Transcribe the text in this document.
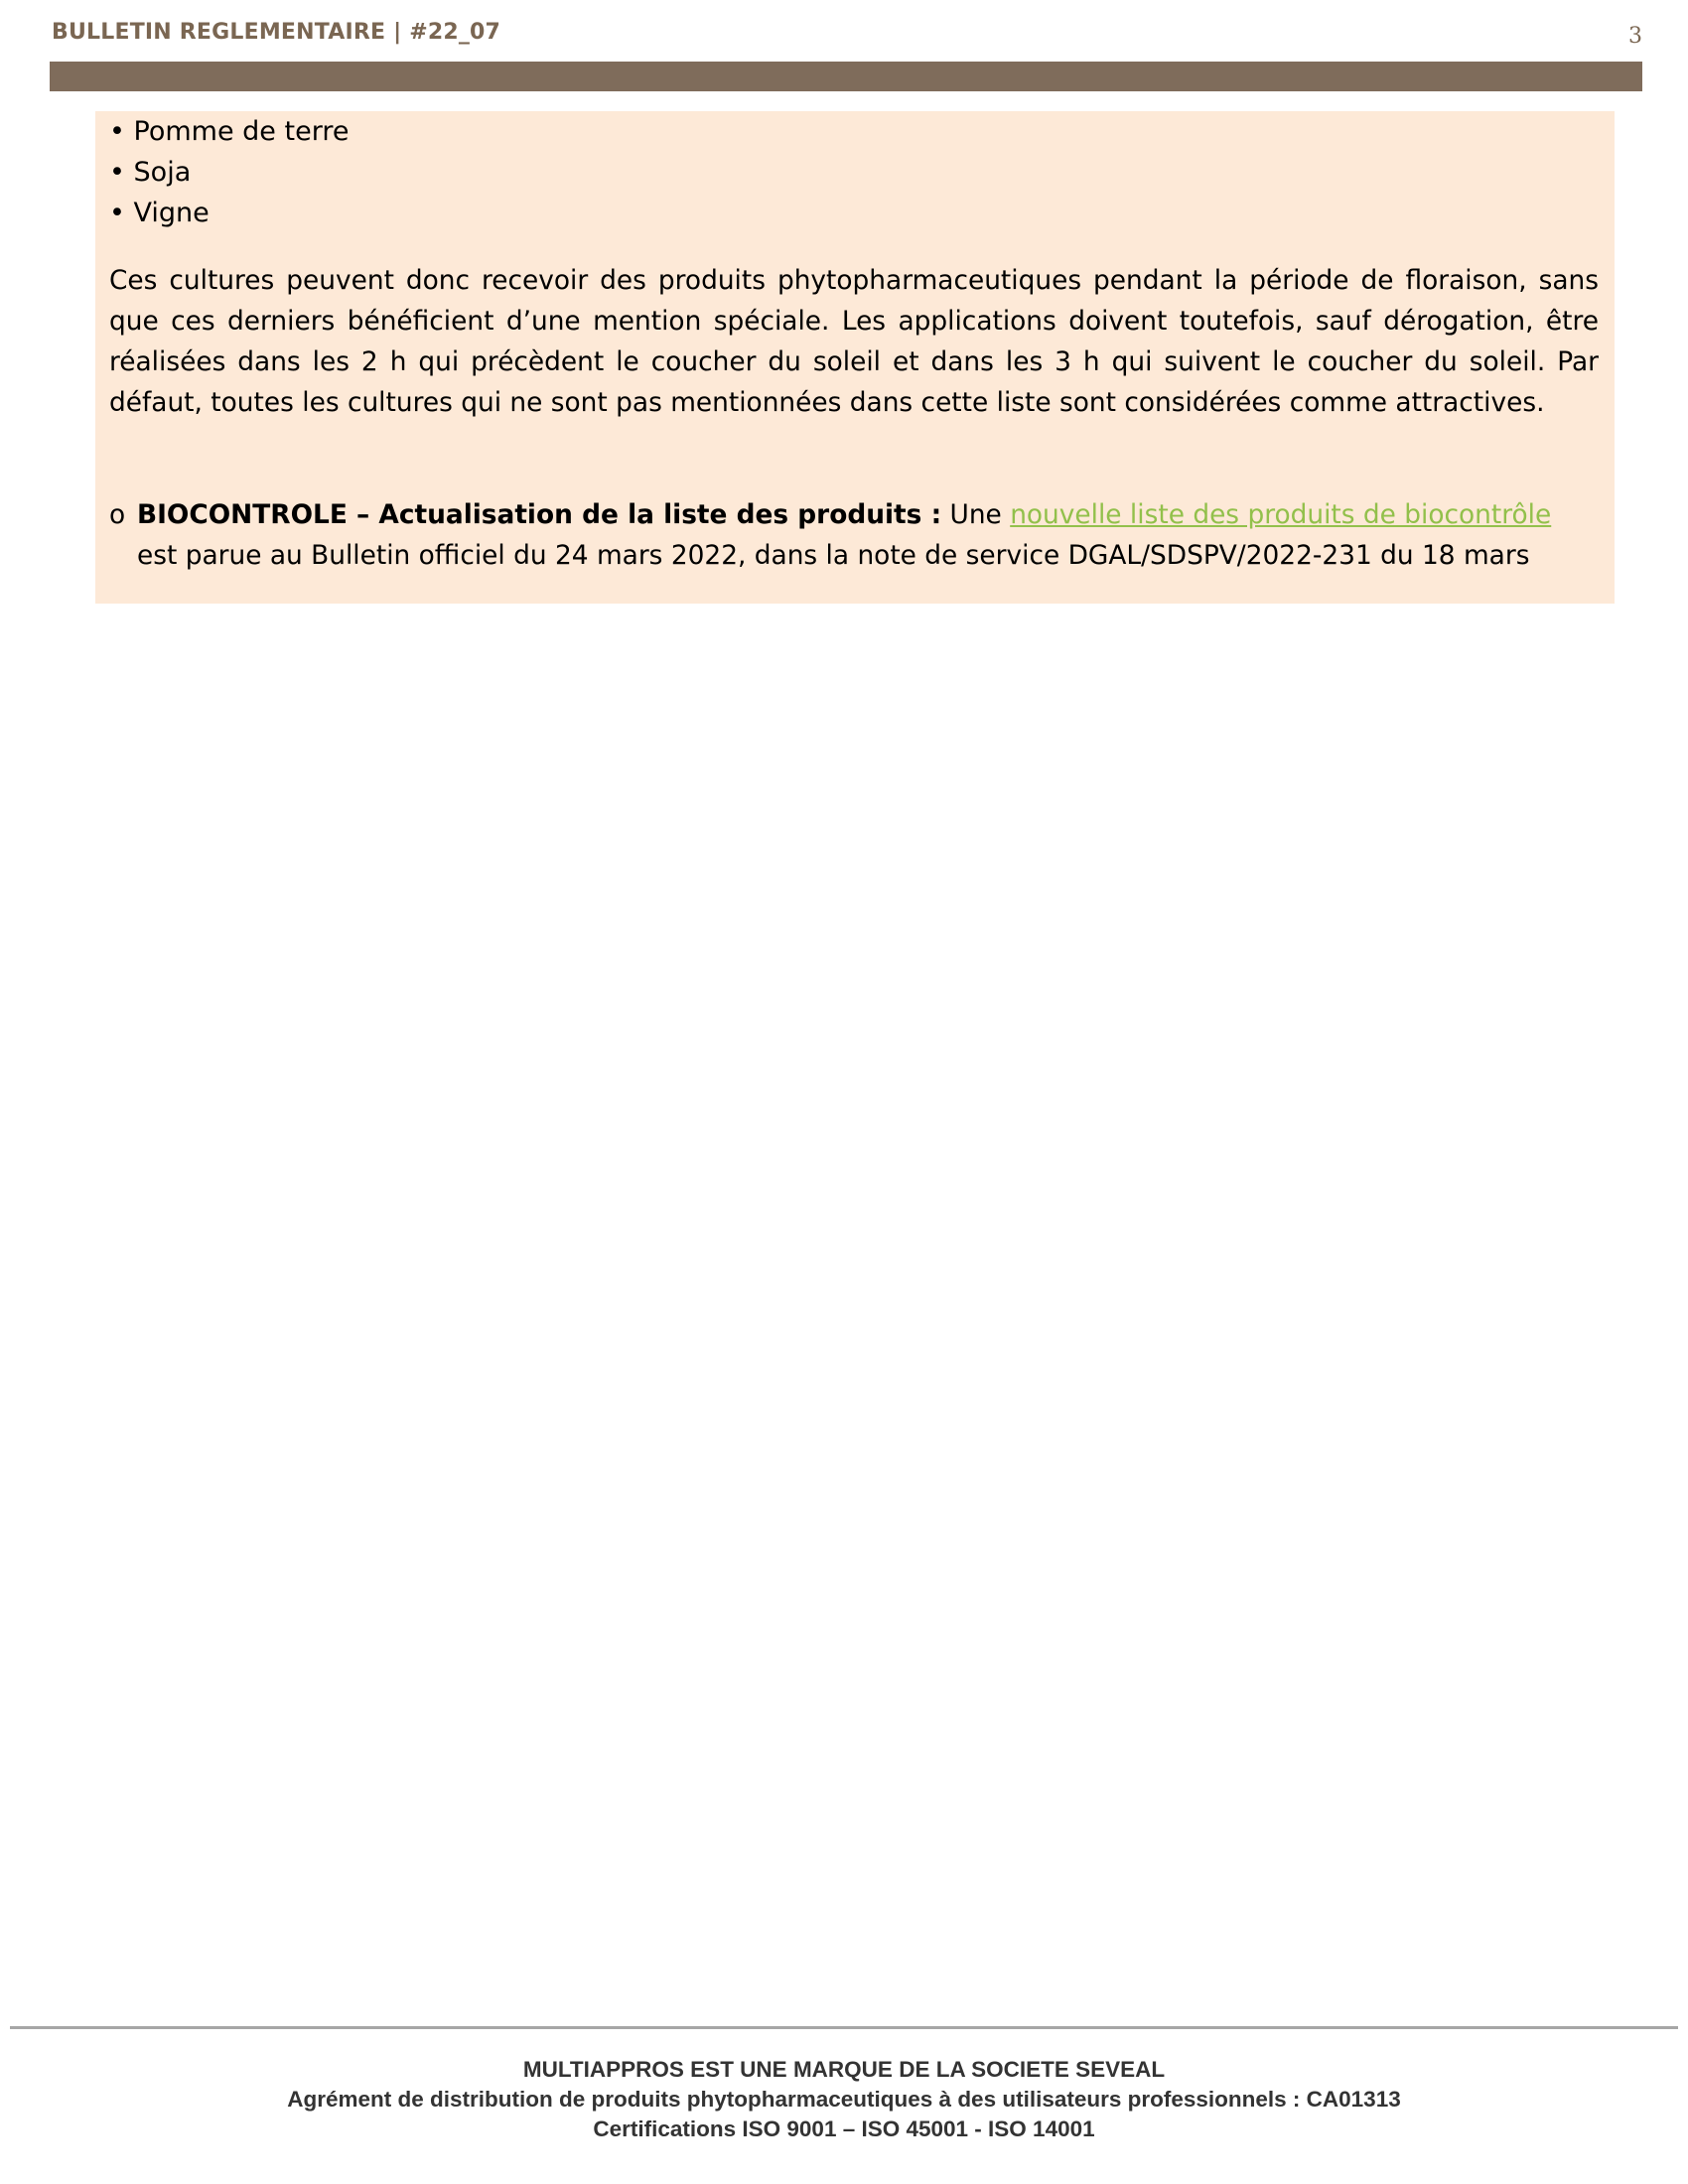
BULLETIN REGLEMENTAIRE | #22_07	3
• Pomme de terre
• Soja
• Vigne

Ces cultures peuvent donc recevoir des produits phytopharmaceutiques pendant la période de floraison, sans que ces derniers bénéficient d’une mention spéciale. Les applications doivent toutefois, sauf dérogation, être réalisées dans les 2 h qui précèdent le coucher du soleil et dans les 3 h qui suivent le coucher du soleil. Par défaut, toutes les cultures qui ne sont pas mentionnées dans cette liste sont considérées comme attractives.

o BIOCONTROLE – Actualisation de la liste des produits : Une nouvelle liste des produits de biocontrôle est parue au Bulletin officiel du 24 mars 2022, dans la note de service DGAL/SDSPV/2022-231 du 18 mars
MULTIAPPROS EST UNE MARQUE DE LA SOCIETE SEVEAL
Agrément de distribution de produits phytopharmaceutiques à des utilisateurs professionnels : CA01313
Certifications ISO 9001 – ISO 45001 - ISO 14001
